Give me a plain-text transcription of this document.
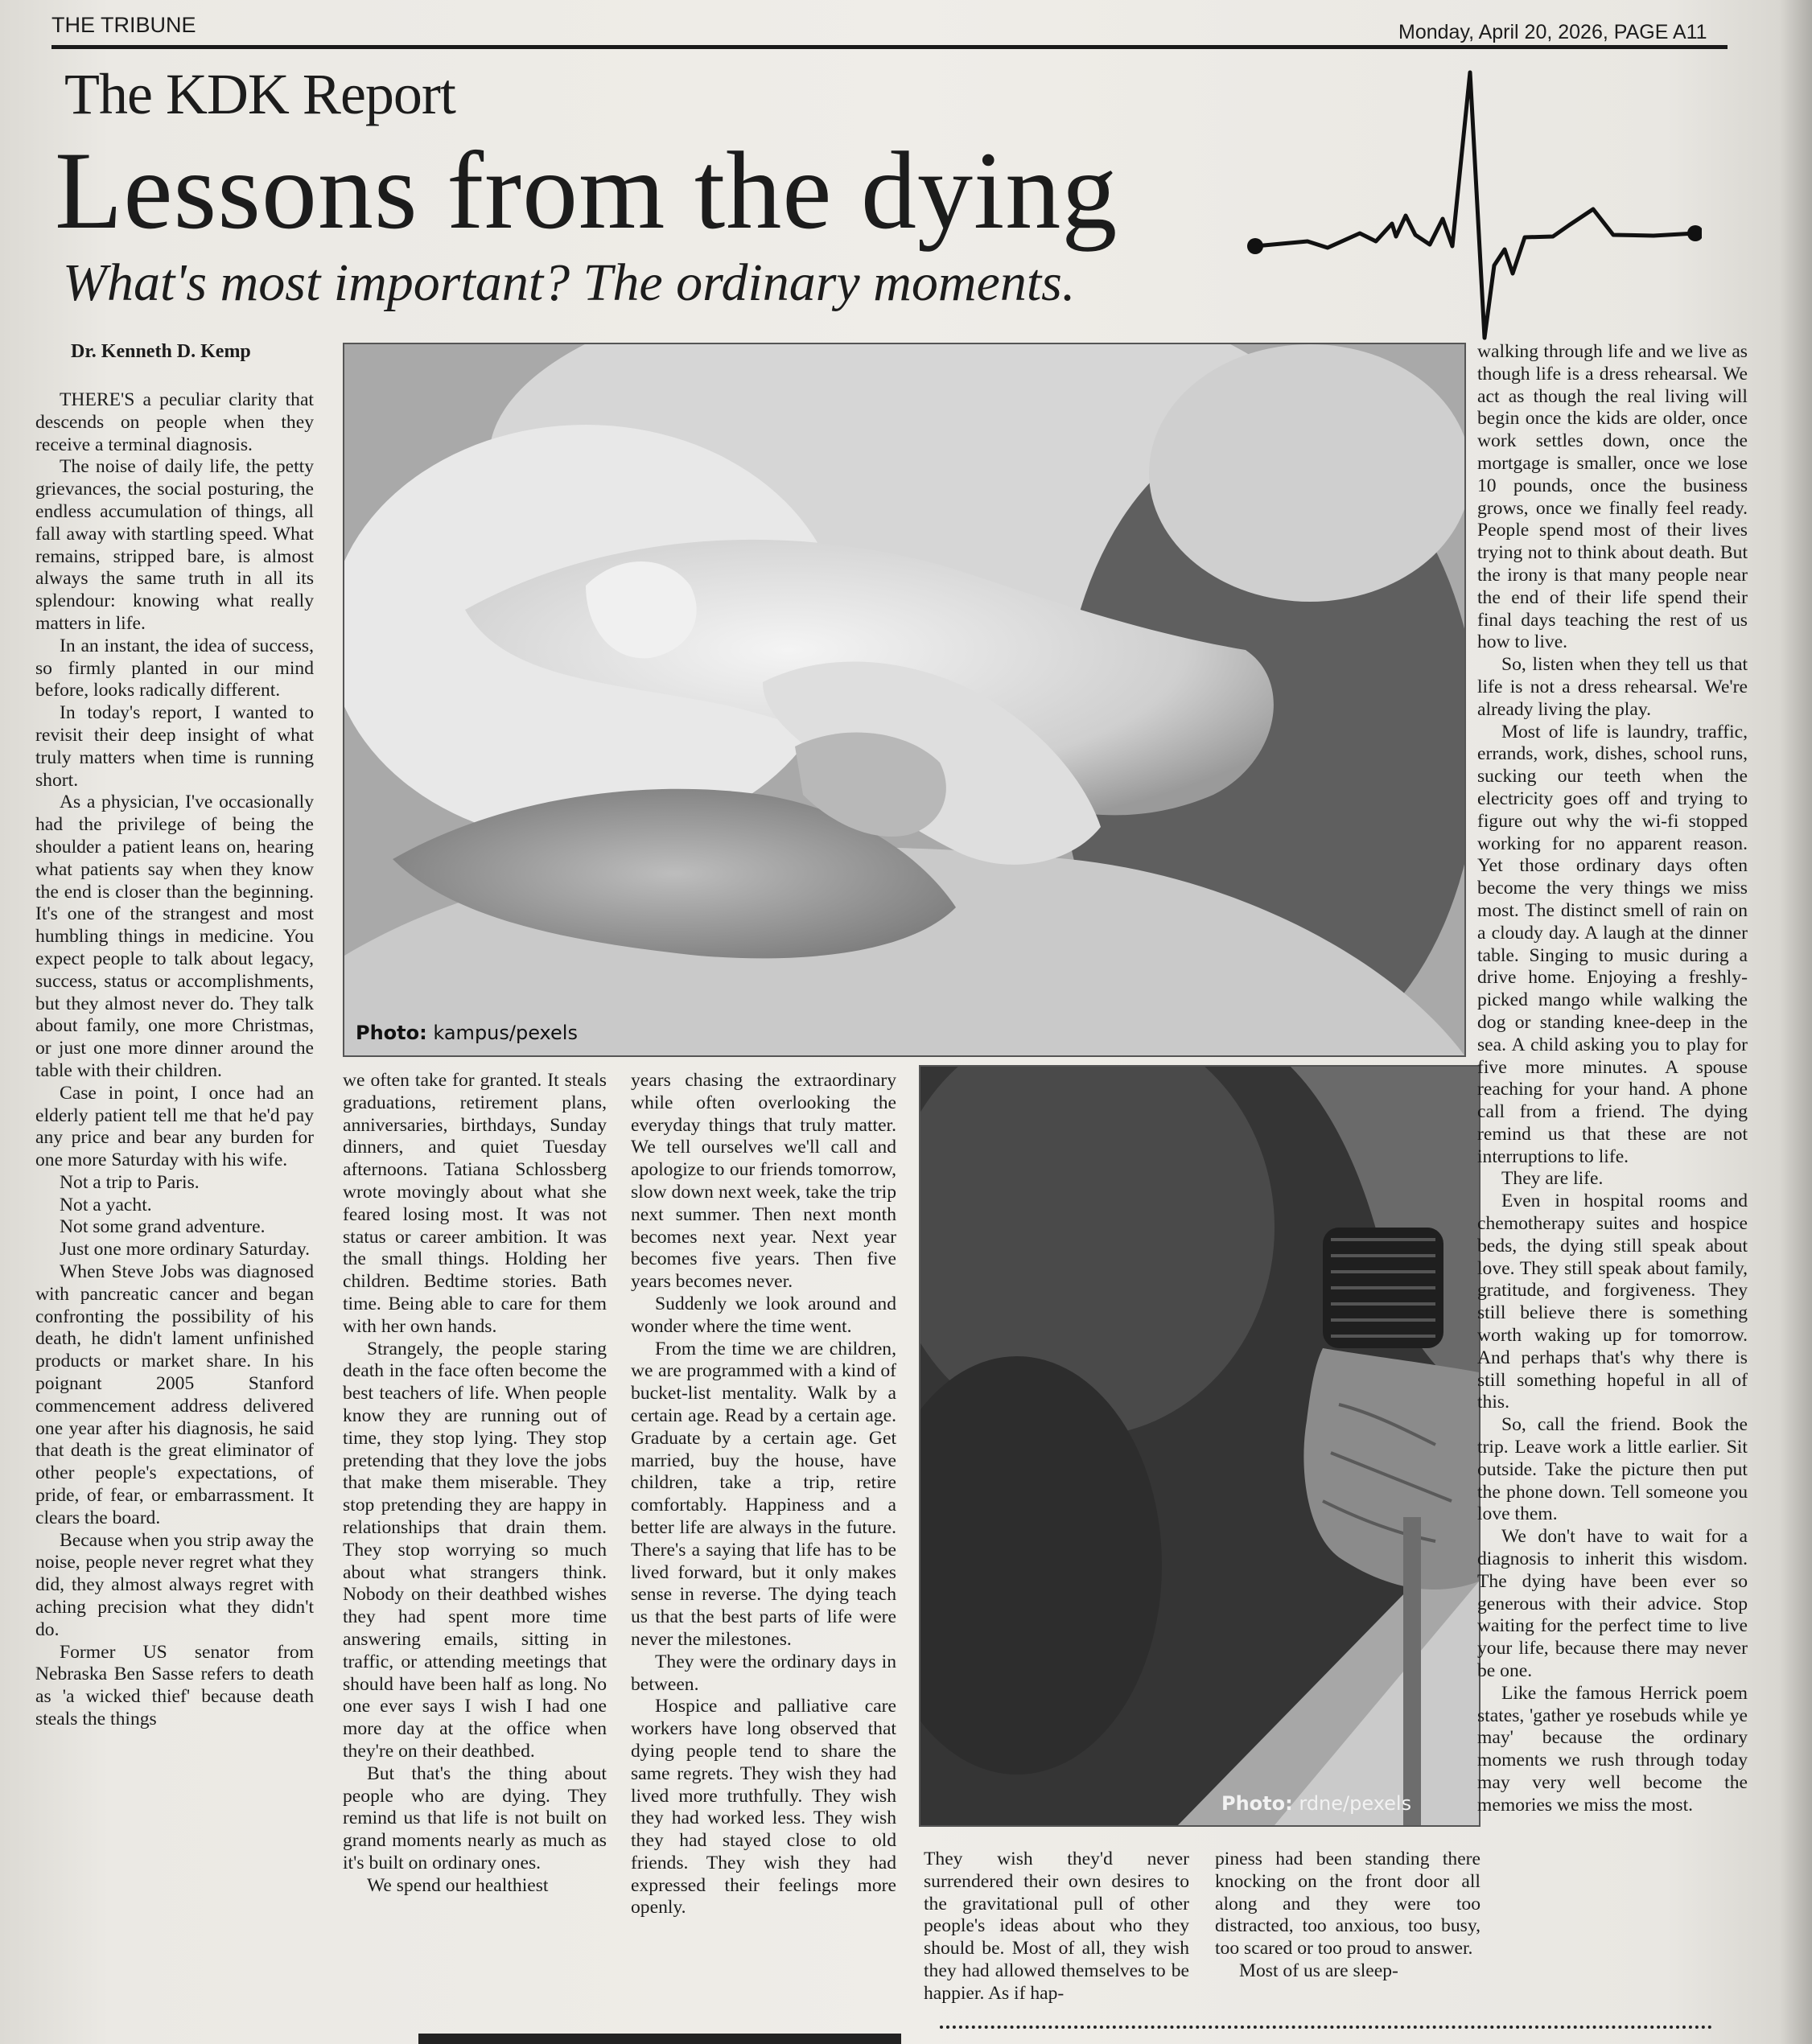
THE TRIBUNE	Monday, April 20, 2026, PAGE A11
The KDK Report
Lessons from the dying
What's most important? The ordinary moments.
Dr. Kenneth D. Kemp
Photo: kampus/pexels
Photo: rdne/pexels

THERE'S a peculiar clarity that descends on people when they receive a terminal diagnosis.

The noise of daily life, the petty grievances, the social posturing, the endless accumulation of things, all fall away with startling speed. What remains, stripped bare, is almost always the same truth in all its splendour: knowing what really matters in life.

In an instant, the idea of success, so firmly planted in our mind before, looks radically different.

In today's report, I wanted to revisit their deep insight of what truly matters when time is running short.

As a physician, I've occasionally had the privilege of being the shoulder a patient leans on, hearing what patients say when they know the end is closer than the beginning. It's one of the strangest and most humbling things in medicine. You expect people to talk about legacy, success, status or accomplishments, but they almost never do. They talk about family, one more Christmas, or just one more dinner around the table with their children.

Case in point, I once had an elderly patient tell me that he'd pay any price and bear any burden for one more Saturday with his wife.

Not a trip to Paris.

Not a yacht.

Not some grand adventure.

Just one more ordinary Saturday.

When Steve Jobs was diagnosed with pancreatic cancer and began confronting the possibility of his death, he didn't lament unfinished products or market share. In his poignant 2005 Stanford commencement address delivered one year after his diagnosis, he said that death is the great eliminator of other people's expectations, of pride, of fear, or embarrassment. It clears the board.

Because when you strip away the noise, people never regret what they did, they almost always regret with aching precision what they didn't do.

Former US senator from Nebraska Ben Sasse refers to death as 'a wicked thief' because death steals the things

we often take for granted. It steals graduations, retirement plans, anniversaries, birthdays, Sunday dinners, and quiet Tuesday afternoons. Tatiana Schlossberg wrote movingly about what she feared losing most. It was not status or career ambition. It was the small things. Holding her children. Bedtime stories. Bath time. Being able to care for them with her own hands.

Strangely, the people staring death in the face often become the best teachers of life. When people know they are running out of time, they stop lying. They stop pretending that they love the jobs that make them miserable. They stop pretending they are happy in relationships that drain them. They stop worrying so much about what strangers think. Nobody on their deathbed wishes they had spent more time answering emails, sitting in traffic, or attending meetings that should have been half as long. No one ever says I wish I had one more day at the office when they're on their deathbed.

But that's the thing about people who are dying. They remind us that life is not built on grand moments nearly as much as it's built on ordinary ones.

We spend our healthiest

years chasing the extraordinary while often overlooking the everyday things that truly matter. We tell ourselves we'll call and apologize to our friends tomorrow, slow down next week, take the trip next summer. Then next month becomes next year. Next year becomes five years. Then five years becomes never.

Suddenly we look around and wonder where the time went.

From the time we are children, we are programmed with a kind of bucket-list mentality. Walk by a certain age. Read by a certain age. Graduate by a certain age. Get married, buy the house, have children, take a trip, retire comfortably. Happiness and a better life are always in the future. There's a saying that life has to be lived forward, but it only makes sense in reverse. The dying teach us that the best parts of life were never the milestones.

They were the ordinary days in between.

Hospice and palliative care workers have long observed that dying people tend to share the same regrets. They wish they had lived more truthfully. They wish they had worked less. They wish they had stayed close to old friends. They wish they had expressed their feelings more openly.

They wish they'd never surrendered their own desires to the gravitational pull of other people's ideas about who they should be. Most of all, they wish they had allowed themselves to be happier. As if hap-

piness had been standing there knocking on the front door all along and they were too distracted, too anxious, too busy, too scared or too proud to answer.

Most of us are sleep-

walking through life and we live as though life is a dress rehearsal. We act as though the real living will begin once the kids are older, once work settles down, once the mortgage is smaller, once we lose 10 pounds, once the business grows, once we finally feel ready. People spend most of their lives trying not to think about death. But the irony is that many people near the end of their life spend their final days teaching the rest of us how to live.

So, listen when they tell us that life is not a dress rehearsal. We're already living the play.

Most of life is laundry, traffic, errands, work, dishes, school runs, sucking our teeth when the electricity goes off and trying to figure out why the wi-fi stopped working for no apparent reason. Yet those ordinary days often become the very things we miss most. The distinct smell of rain on a cloudy day. A laugh at the dinner table. Singing to music during a drive home. Enjoying a freshly-picked mango while walking the dog or standing knee-deep in the sea. A child asking you to play for five more minutes. A spouse reaching for your hand. A phone call from a friend. The dying remind us that these are not interruptions to life.

They are life.

Even in hospital rooms and chemotherapy suites and hospice beds, the dying still speak about love. They still speak about family, gratitude, and forgiveness. They still believe there is something worth waking up for tomorrow. And perhaps that's why there is still something hopeful in all of this.

So, call the friend. Book the trip. Leave work a little earlier. Sit outside. Take the picture then put the phone down. Tell someone you love them.

We don't have to wait for a diagnosis to inherit this wisdom. The dying have been ever so generous with their advice. Stop waiting for the perfect time to live your life, because there may never be one.

Like the famous Herrick poem states, 'gather ye rosebuds while ye may' because the ordinary moments we rush through today may very well become the memories we miss the most.
